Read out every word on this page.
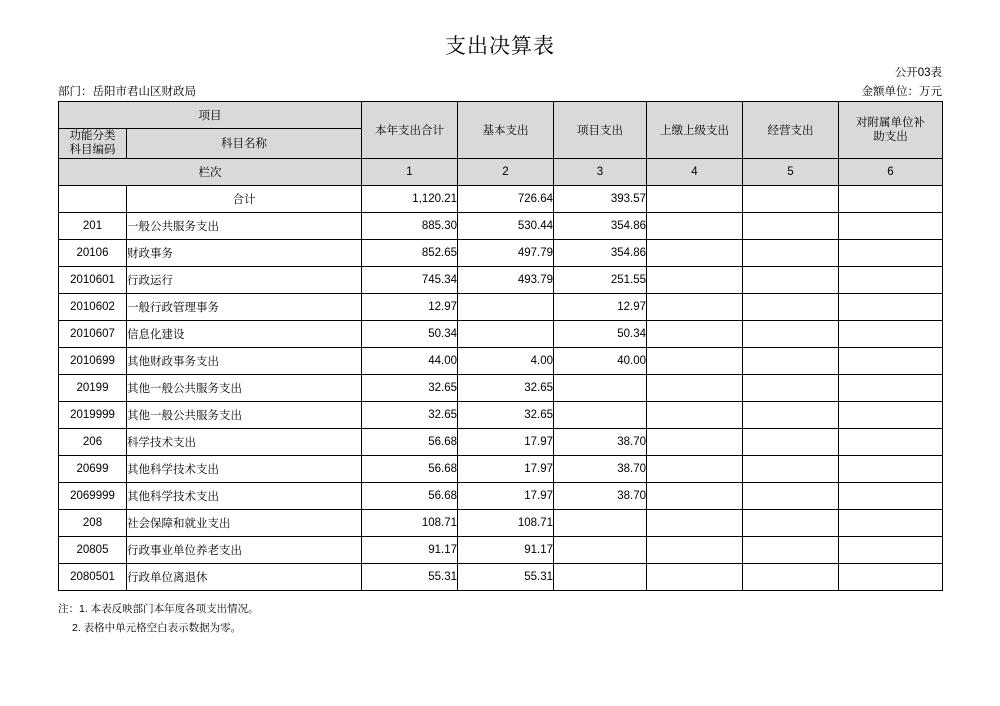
支出决算表
公开03表
金额单位：万元
部门：岳阳市君山区财政局
项目		本年支出合计	基本支出	项目支出	上缴上级支出	经营支出	对附属单位补
助支出

功能分类
科目编码	科目名称						
栏次		1	2	3	4	5	6
	合计	1,120.21	726.64	393.57			
201	一般公共服务支出	885.30	530.44	354.86			
20106	财政事务	852.65	497.79	354.86			
2010601	行政运行	745.34	493.79	251.55			
2010602	一般行政管理事务	12.97		12.97			
2010607	信息化建设	50.34		50.34			
2010699	其他财政事务支出	44.00	4.00	40.00			
20199	其他一般公共服务支出	32.65	32.65				
2019999	其他一般公共服务支出	32.65	32.65				
206	科学技术支出	56.68	17.97	38.70			
20699	其他科学技术支出	56.68	17.97	38.70			
2069999	其他科学技术支出	56.68	17.97	38.70			
208	社会保障和就业支出	108.71	108.71				
20805	行政事业单位养老支出	91.17	91.17				
2080501	行政单位离退休	55.31	55.31				
注：1. 本表反映部门本年度各项支出情况。
2. 表格中单元格空白表示数据为零。
